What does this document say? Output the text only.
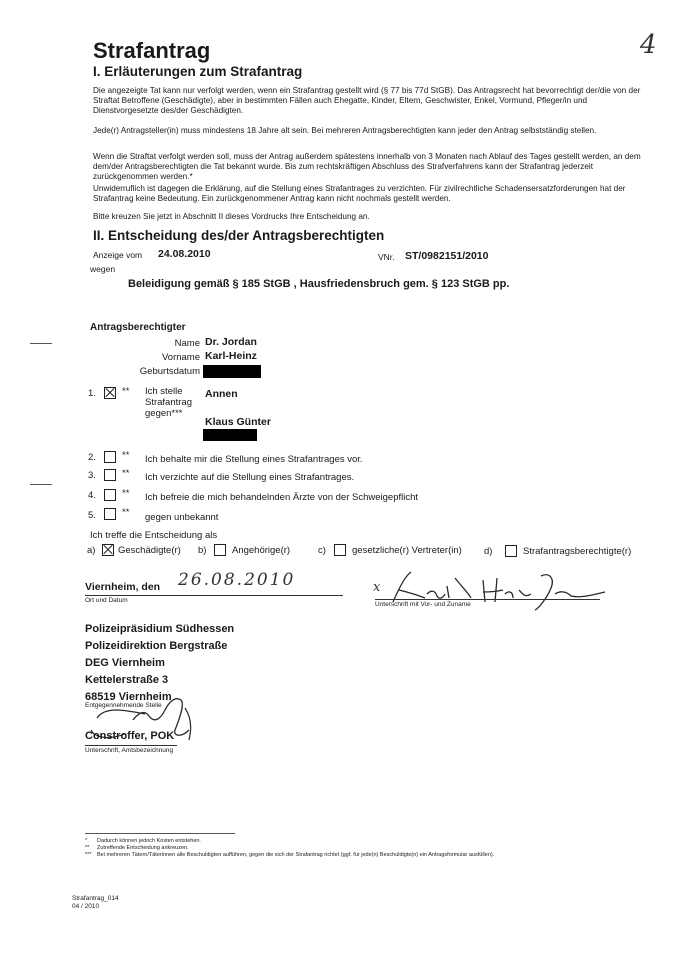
4
Strafantrag
I. Erläuterungen zum Strafantrag
Die angezeigte Tat kann nur verfolgt werden, wenn ein Strafantrag gestellt wird (§ 77 bis 77d StGB). Das Antragsrecht hat bevorrechtigt der/die von der Straftat Betroffene (Geschädigte), aber in bestimmten Fällen auch Ehegatte, Kinder, Eltern, Geschwister, Enkel, Vormund, Pfleger/in und Dienstvorgesetzte des/der Geschädigten.
Jede(r) Antragsteller(in) muss mindestens 18 Jahre alt sein. Bei mehreren Antragsberechtigten kann jeder den Antrag selbstständig stellen.
Wenn die Straftat verfolgt werden soll, muss der Antrag außerdem spätestens innerhalb von 3 Monaten nach Ablauf des Tages gestellt werden, an dem dem/der Antragsberechtigten die Tat bekannt wurde. Bis zum rechtskräftigen Abschluss des Strafverfahrens kann der Strafantrag jederzeit zurückgenommen werden.*
Unwiderruflich ist dagegen die Erklärung, auf die Stellung eines Strafantrages zu verzichten. Für zivilrechtliche Schadensersatzforderungen hat der Strafantrag keine Bedeutung. Ein zurückgenommener Antrag kann nicht nochmals gestellt werden.
Bitte kreuzen Sie jetzt in Abschnitt II dieses Vordrucks Ihre Entscheidung an.
II. Entscheidung des/der Antragsberechtigten
Anzeige vom 24.08.2010	VNr. ST/0982151/2010
wegen
Beleidigung gemäß § 185 StGB , Hausfriedensbruch gem. § 123 StGB pp.
Antragsberechtigter
Name Dr. Jordan
Vorname Karl-Heinz
Geburtsdatum
1.	** Ich stelle Strafantrag gegen***
Annen
Klaus Günter
2.	** Ich behalte mir die Stellung eines Strafantrages vor.
3.	** Ich verzichte auf die Stellung eines Strafantrages.
4.	** Ich befreie die mich behandelnden Ärzte von der Schweigepflicht
5.	** gegen unbekannt
Ich treffe die Entscheidung als
a) Geschädigte(r) b)	Angehörige(r)	c)	gesetzliche(r) Vertreter(in) d)	Strafantragsberechtigte(r)
Viernheim, den 26.08.2010
Ort und Datum
x
Unterschrift mit Vor- und Zuname
Polizeipräsidium Südhessen
Polizeidirektion Bergstraße
DEG Viernheim
Kettelerstraße 3
68519 Viernheim
Entgegennehmende Stelle
Constroffer, POK
Unterschrift, Amtsbezeichnung
* Dadurch können jedoch Kosten entstehen.
** Zutreffende Entscheidung ankreuzen.
*** Bei mehreren Tätern/Täterinnen alle Beschuldigten aufführen, gegen die sich der Strafantrag richtet (ggf. für jede(n) Beschuldigte(n) ein Antragsformular ausfüllen).
Strafantrag_014
04 / 2010
